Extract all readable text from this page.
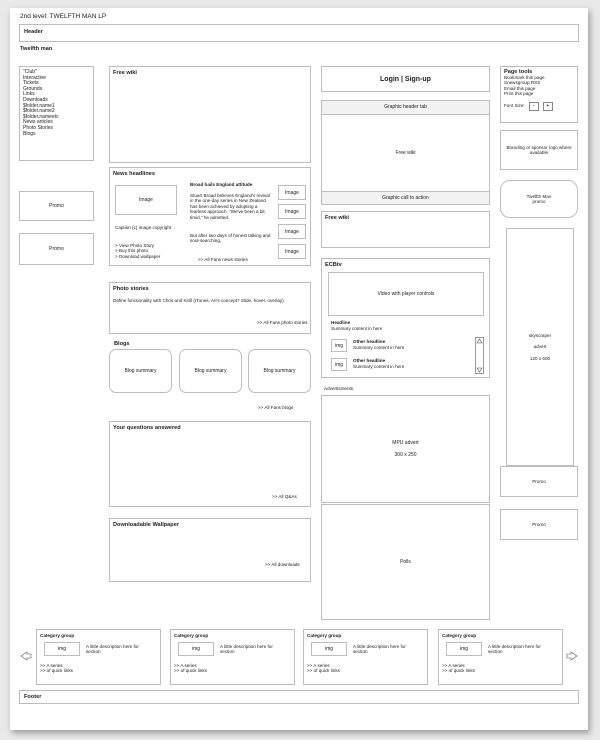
2nd level: TWELFTH MAN LP
Header
Twelfth man
"Club"
Interactive
Tickets
Grounds
Links
Downloads
$folder.name1
$folder.name2
$folder.nameetc
News articles
Photo Stories
Blogs
Promo
Promo
Free wiki
News headlines
Image
Caption (c) image copyright
> View Photo Story
> Buy this photo
> Download wallpaper
Broad hails England attitude
Stuart Broad believes England's revival in the one-day series in New Zealand has been achieved by adopting a fearless approach. "We've been a bit timid," he admitted.
But after two days of honest talking and soul-searching,
>> All Fans news stories
Image
Image
Image
Image
Photo stories
Define functionality with Chris and Kirill (iTunes, Ari's concept? Slide, hover, overlay)
>> All Fans photo stories
Blogs
Blog summary	Blog summary	Blog summary
>> All Fans blogs
Your questions answered
>> All Q&As
Downloadable Wallpaper
>> All downloads
Login | Sign-up
Graphic header tab
Free wiki
Graphic call to action
Free wiki
ECBtv
Video with player controls
Headline
Summary content in here
img
Other headline
Summary content in here
img
Other headline
Summary content in here
Advertisments
MPU advert
300 x 250
Polls
Page tools
Bookmark this page
Snewsgroup RSS
Email this page
Print this page
Font Size:	-	+
Branding or sponsor logo where available
Twelfth Man
promo
skyscraper
advert
120 x 600
Promo
Promo
Category group
img	A little description here for section
>> A series
>> of quick links
Category group
img	A little description here for section
>> A series
>> of quick links
Category group
img	A little description here for section
>> A series
>> of quick links
Category group
img	A little description here for section
>> A series
>> of quick links
Footer
